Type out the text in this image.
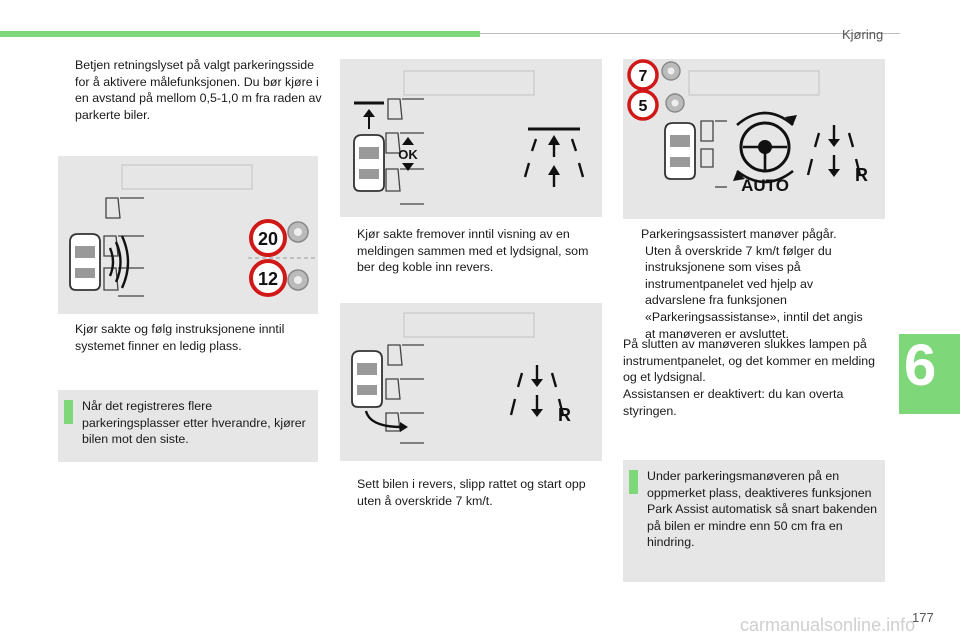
Kjøring
6
Betjen retningslyset på valgt parkeringsside for å aktivere målefunksjonen. Du bør kjøre i en avstand på mellom 0,5-1,0 m fra raden av parkerte biler.
20
12
Kjør sakte og følg instruksjonene inntil systemet finner en ledig plass.
Når det registreres flere parkeringsplasser etter hverandre, kjører bilen mot den siste.
OK
Kjør sakte fremover inntil visning av en meldingen sammen med et lydsignal, som ber deg koble inn revers.
R
Sett bilen i revers, slipp rattet og start opp uten å overskride 7 km/t.
7
5
AUTO
R
Parkeringsassistert manøver pågår.
Uten å overskride 7 km/t følger du instruksjonene som vises på instrumentpanelet ved hjelp av advarslene fra funksjonen «Parkeringsassistanse», inntil det angis at manøveren er avsluttet.
På slutten av manøveren slukkes lampen på instrumentpanelet, og det kommer en melding og et lydsignal.
Assistansen er deaktivert: du kan overta styringen.
Under parkeringsmanøveren på en oppmerket plass, deaktiveres funksjonen Park Assist automatisk så snart bakenden på bilen er mindre enn 50 cm fra en hindring.
carmanualsonline.info
177
